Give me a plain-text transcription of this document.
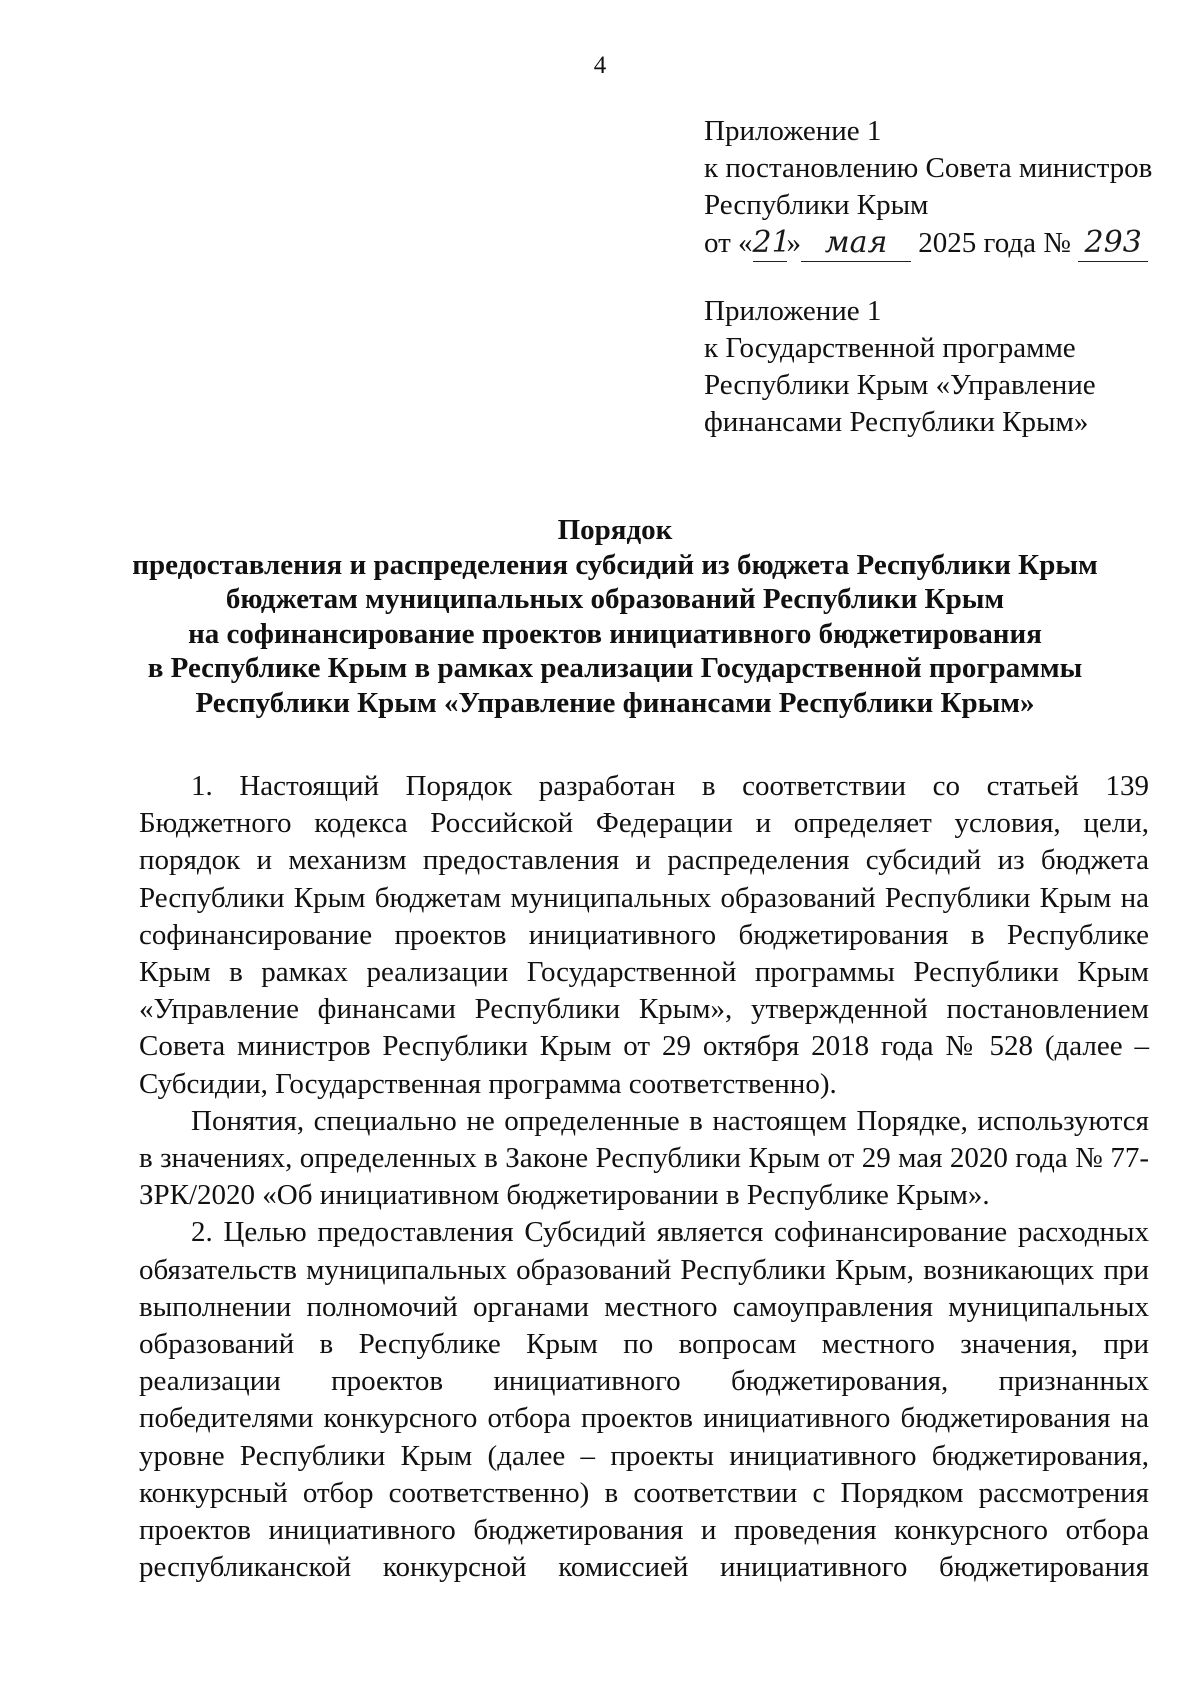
4
Приложение 1
к постановлению Совета министров
Республики Крым
от «21» мая 2025 года № 293
Приложение 1
к Государственной программе
Республики Крым «Управление
финансами Республики Крым»
Порядок
предоставления и распределения субсидий из бюджета Республики Крым
бюджетам муниципальных образований Республики Крым
на софинансирование проектов инициативного бюджетирования
в Республике Крым в рамках реализации Государственной программы
Республики Крым «Управление финансами Республики Крым»

1. Настоящий Порядок разработан в соответствии со статьей 139 Бюджетного кодекса Российской Федерации и определяет условия, цели, порядок и механизм предоставления и распределения субсидий из бюджета Республики Крым бюджетам муниципальных образований Республики Крым на софинансирование проектов инициативного бюджетирования в Республике Крым в рамках реализации Государственной программы Республики Крым «Управление финансами Республики Крым», утвержденной постановлением Совета министров Республики Крым от 29 октября 2018 года № 528 (далее – Субсидии, Государственная программа соответственно).

Понятия, специально не определенные в настоящем Порядке, используются в значениях, определенных в Законе Республики Крым от 29 мая 2020 года № 77-ЗРК/2020 «Об инициативном бюджетировании в Республике Крым».

2. Целью предоставления Субсидий является софинансирование расходных обязательств муниципальных образований Республики Крым, возникающих при выполнении полномочий органами местного самоуправления муниципальных образований в Республике Крым по вопросам местного значения, при реализации проектов инициативного бюджетирования, признанных победителями конкурсного отбора проектов инициативного бюджетирования на уровне Республики Крым (далее – проекты инициативного бюджетирования, конкурсный отбор соответственно) в соответствии с Порядком рассмотрения проектов инициативного бюджетирования и проведения конкурсного отбора республиканской конкурсной комиссией инициативного бюджетирования
